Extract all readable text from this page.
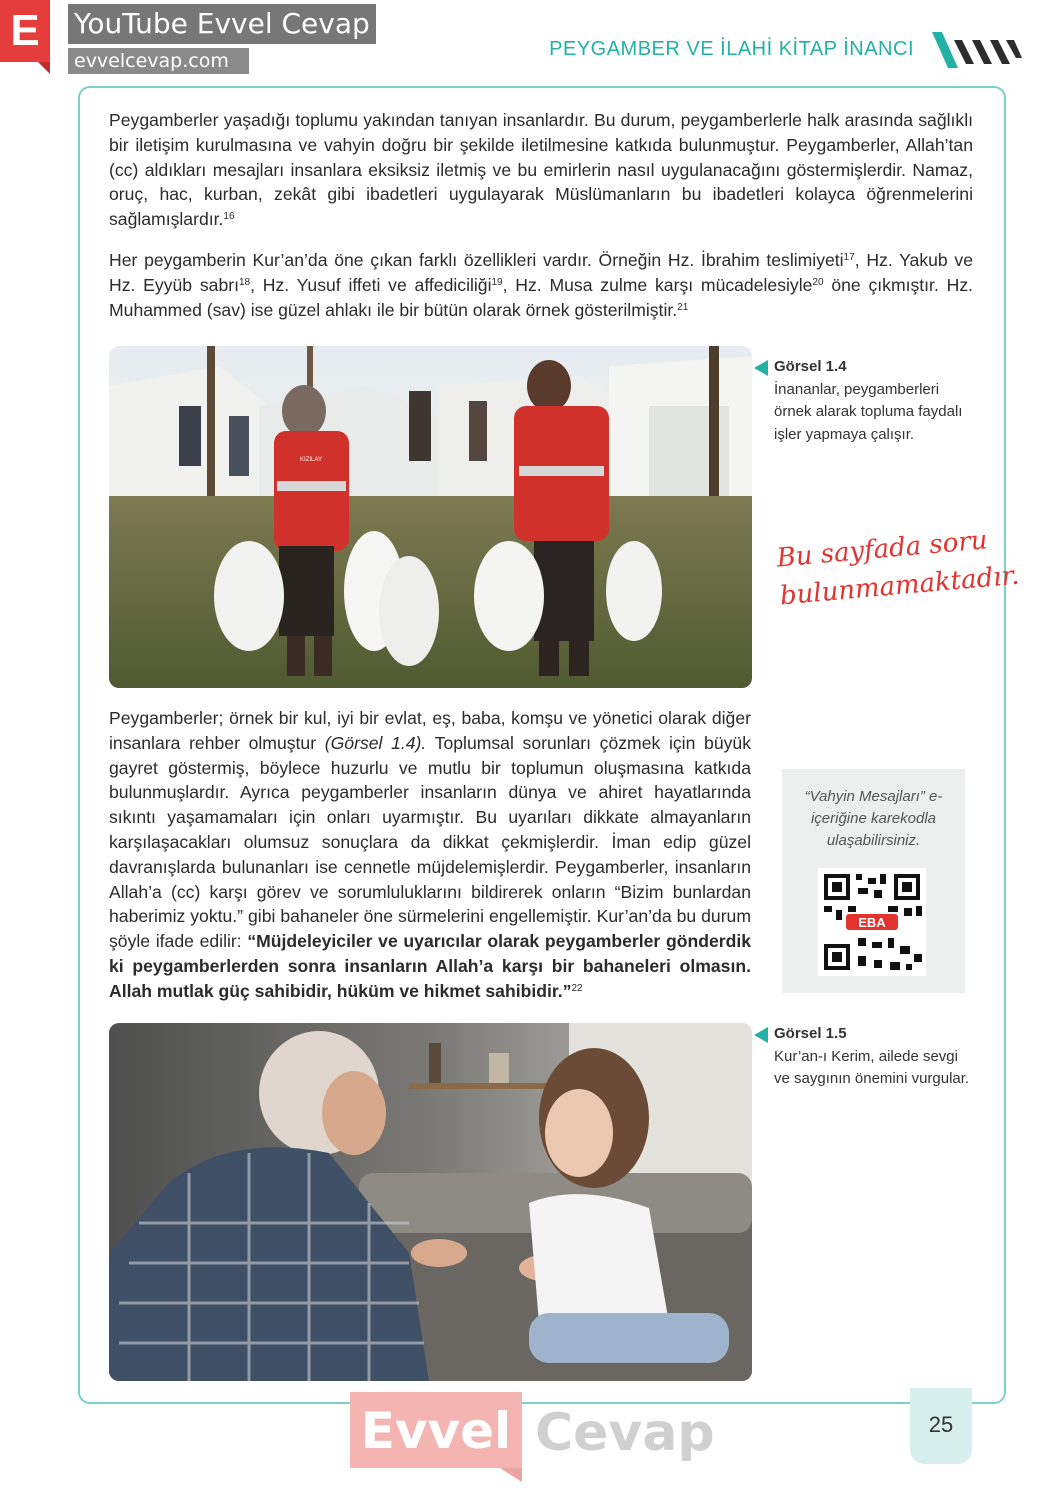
E	YouTube Evvel Cevap
evvelcevap.com
PEYGAMBER VE İLAHİ KİTAP İNANCI

Peygamberler yaşadığı toplumu yakından tanıyan insanlardır. Bu durum, peygamberlerle halk arasında sağlıklı bir iletişim kurulmasına ve vahyin doğru bir şekilde iletilmesine katkıda bulunmuştur. Peygamberler, Allah’tan (cc) aldıkları mesajları insanlara eksiksiz iletmiş ve bu emirlerin nasıl uygulanacağını göstermişlerdir. Namaz, oruç, hac, kurban, zekât gibi ibadetleri uygulayarak Müslümanların bu ibadetleri kolayca öğrenmelerini sağlamışlardır.$^{16}$

Her peygamberin Kur’an’da öne çıkan farklı özellikleri vardır. Örneğin Hz. İbrahim teslimiyeti$^{17}$, Hz. Yakub ve Hz. Eyyüb sabrı$^{18}$, Hz. Yusuf iffeti ve affediciliği$^{19}$, Hz. Musa zulme karşı mücadelesiyle$^{20}$ öne çıkmıştır. Hz. Muhammed (sav) ise güzel ahlakı ile bir bütün olarak örnek gösterilmiştir.$^{21}$

KIZILAY
Görsel 1.4
İnananlar, peygamberleri örnek alarak topluma faydalı işler yapmaya çalışır.
Bu sayfada soru
bulunmamaktadır.

Peygamberler; örnek bir kul, iyi bir evlat, eş, baba, komşu ve yönetici olarak diğer insanlara rehber olmuştur (Görsel 1.4). Toplumsal sorunları çözmek için büyük gayret göstermiş, böylece huzurlu ve mutlu bir toplumun oluşmasına katkıda bulunmuşlardır. Ayrıca peygamberler insanların dünya ve ahiret hayatlarında sıkıntı yaşamamaları için onları uyarmıştır. Bu uyarıları dikkate almayanların karşılaşacakları olumsuz sonuçlara da dikkat çekmişlerdir. İman edip güzel davranışlarda bulunanları ise cennetle müjdelemişlerdir. Peygamberler, insanların Allah’a (cc) karşı görev ve sorumluluklarını bildirerek onların “Bizim bunlardan haberimiz yoktu.” gibi bahaneler öne sürmelerini engellemiştir. Kur’an’da bu durum şöyle ifade edilir: “Müjdeleyiciler ve uyarıcılar olarak peygamberler gönderdik ki peygamberlerden sonra insanların Allah’a karşı bir bahaneleri olmasın. Allah mutlak güç sahibidir, hüküm ve hikmet sahibidir.”$^{22}$

“Vahyin Mesajları” e-içeriğine karekodla ulaşabilirsiniz.
EBA
Görsel 1.5
Kur’an-ı Kerim, ailede sevgi ve saygının önemini vurgular.
Evvel Cevap	25
